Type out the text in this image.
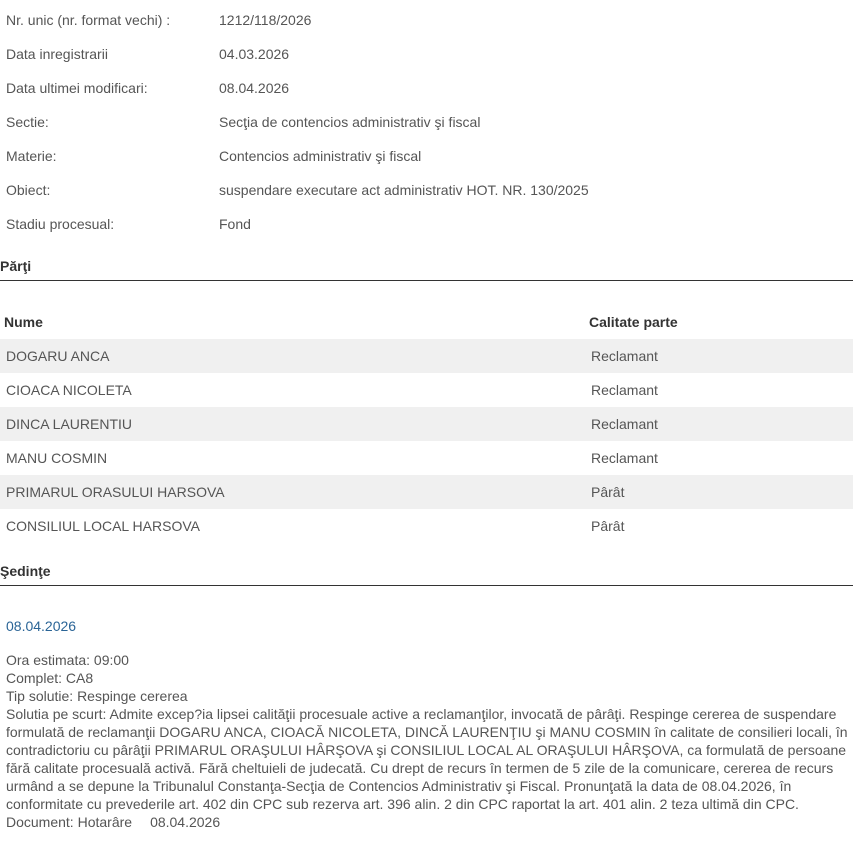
Nr. unic (nr. format vechi) :	1212/118/2026
Data inregistrarii	04.03.2026
Data ultimei modificari:	08.04.2026
Sectie:	Secţia de contencios administrativ şi fiscal
Materie:	Contencios administrativ şi fiscal
Obiect:	suspendare executare act administrativ HOT. NR. 130/2025
Stadiu procesual:	Fond
Părţi
Nume	Calitate parte
DOGARU ANCA	Reclamant
CIOACA NICOLETA	Reclamant
DINCA LAURENTIU	Reclamant
MANU COSMIN	Reclamant
PRIMARUL ORASULUI HARSOVA	Pârât
CONSILIUL LOCAL HARSOVA	Pârât
Şedinţe
08.04.2026
Ora estimata: 09:00
Complet: CA8
Tip solutie: Respinge cererea
Solutia pe scurt: Admite excep?ia lipsei calităţii procesuale active a reclamanţilor, invocată de pârâţi. Respinge cererea de suspendare formulată de reclamanţii DOGARU ANCA, CIOACĂ NICOLETA, DINCĂ LAURENŢIU şi MANU COSMIN în calitate de consilieri locali, în contradictoriu cu pârâţii PRIMARUL ORAŞULUI HÂRŞOVA şi CONSILIUL LOCAL AL ORAŞULUI HÂRŞOVA, ca formulată de persoane fără calitate procesuală activă. Fără cheltuieli de judecată. Cu drept de recurs în termen de 5 zile de la comunicare, cererea de recurs urmând a se depune la Tribunalul Constanţa-Secţia de Contencios Administrativ şi Fiscal. Pronunţată la data de 08.04.2026, în conformitate cu prevederile art. 402 din CPC sub rezerva art. 396 alin. 2 din CPC raportat la art. 401 alin. 2 teza ultimă din CPC.
Document: Hotarâre 08.04.2026
